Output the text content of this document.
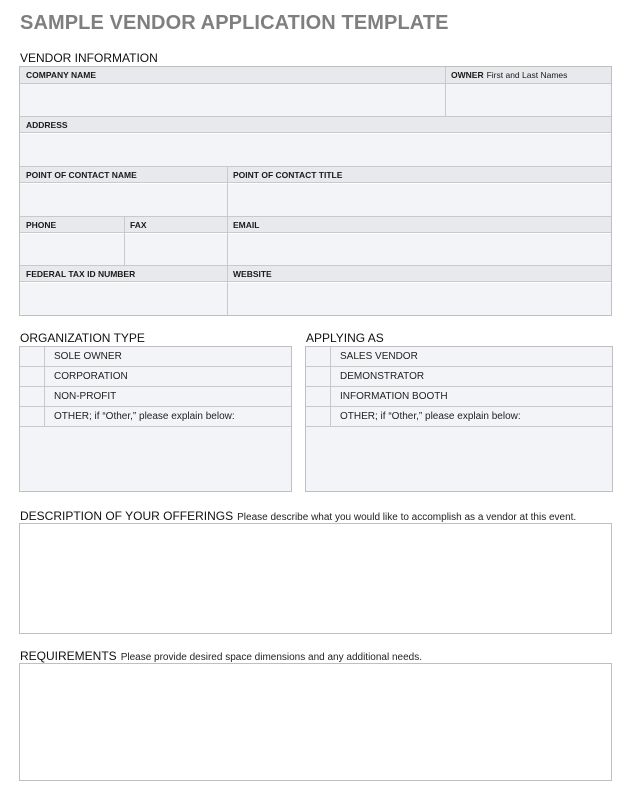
SAMPLE VENDOR APPLICATION TEMPLATE
VENDOR INFORMATION
COMPANY NAME	OWNER First and Last Names
ADDRESS
POINT OF CONTACT NAME	POINT OF CONTACT TITLE
PHONE	FAX	EMAIL
FEDERAL TAX ID NUMBER	WEBSITE
ORGANIZATION TYPE
SOLE OWNER
CORPORATION
NON-PROFIT
OTHER; if “Other,” please explain below:
APPLYING AS
SALES VENDOR
DEMONSTRATOR
INFORMATION BOOTH
OTHER; if “Other,” please explain below:
DESCRIPTION OF YOUR OFFERINGS Please describe what you would like to accomplish as a vendor at this event.
REQUIREMENTS Please provide desired space dimensions and any additional needs.
